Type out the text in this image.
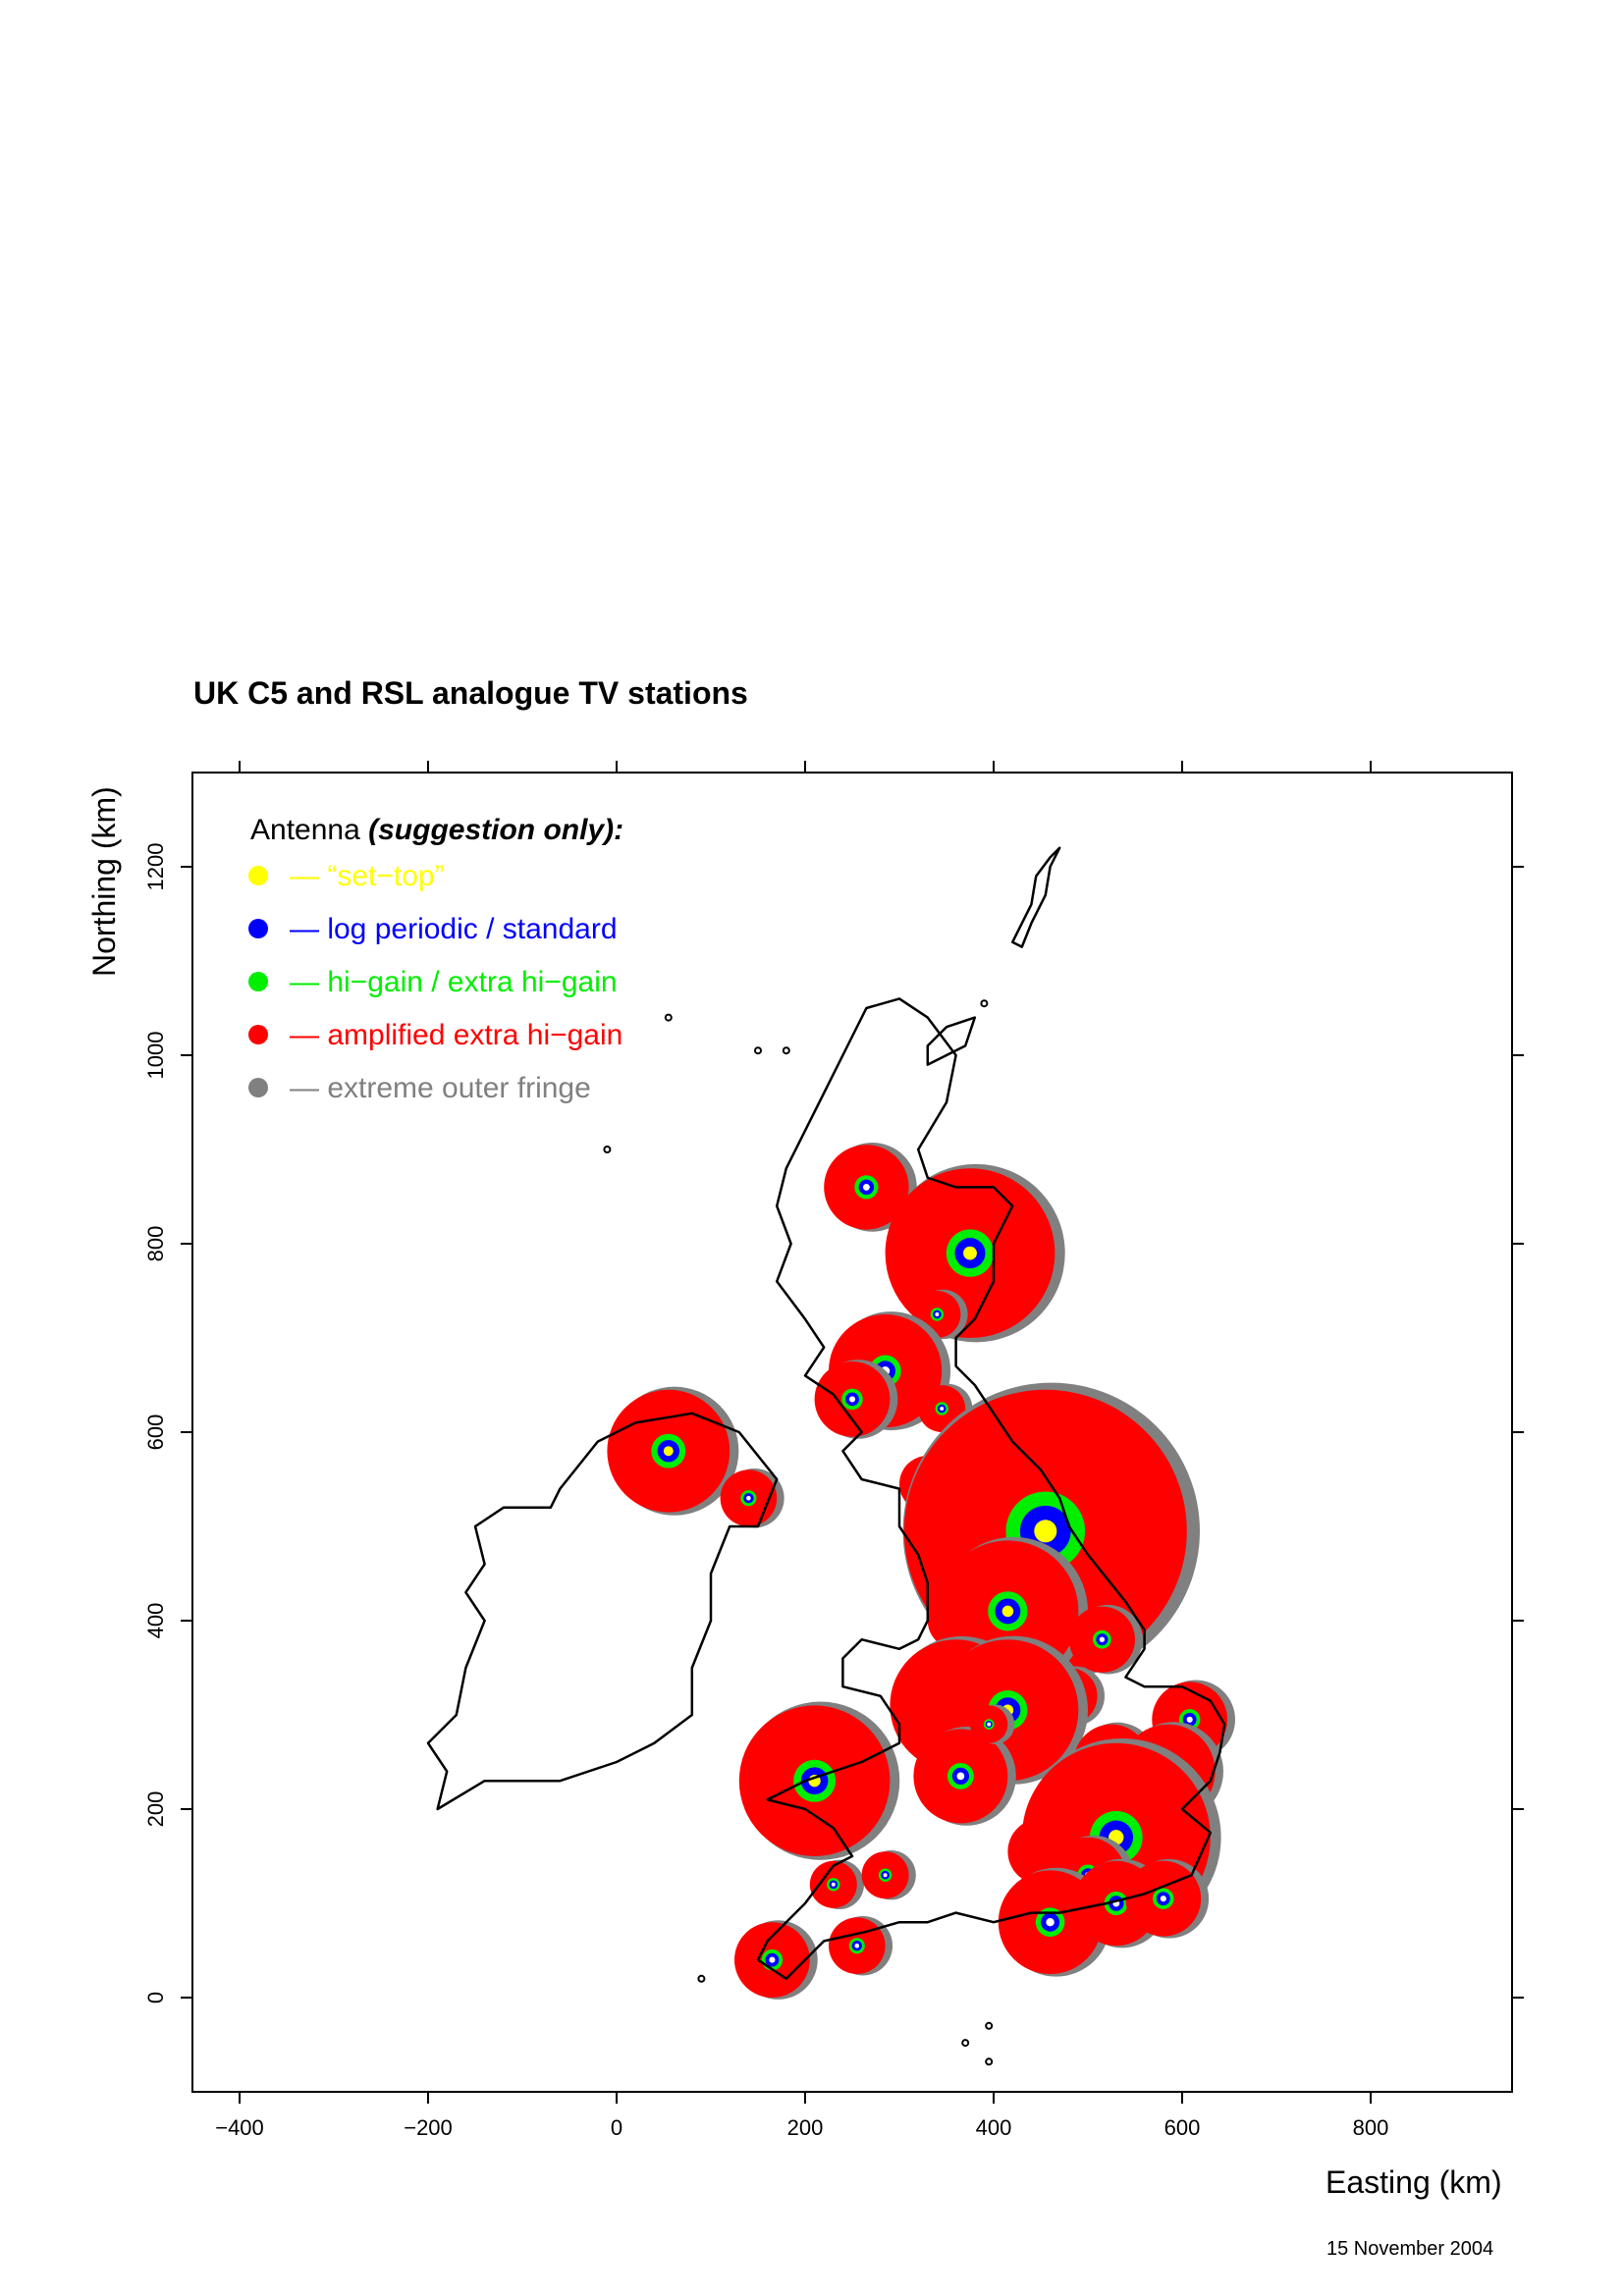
UK C5 and RSL analogue TV stations
Northing (km)
Easting (km)
15 November 2004
−400	−200	0	200	400	600	800
0
200
400
600
800
1000
1200
Antenna (suggestion only):
— “set−top”
— log periodic / standard
— hi−gain / extra hi−gain
— amplified extra hi−gain
— extreme outer fringe
